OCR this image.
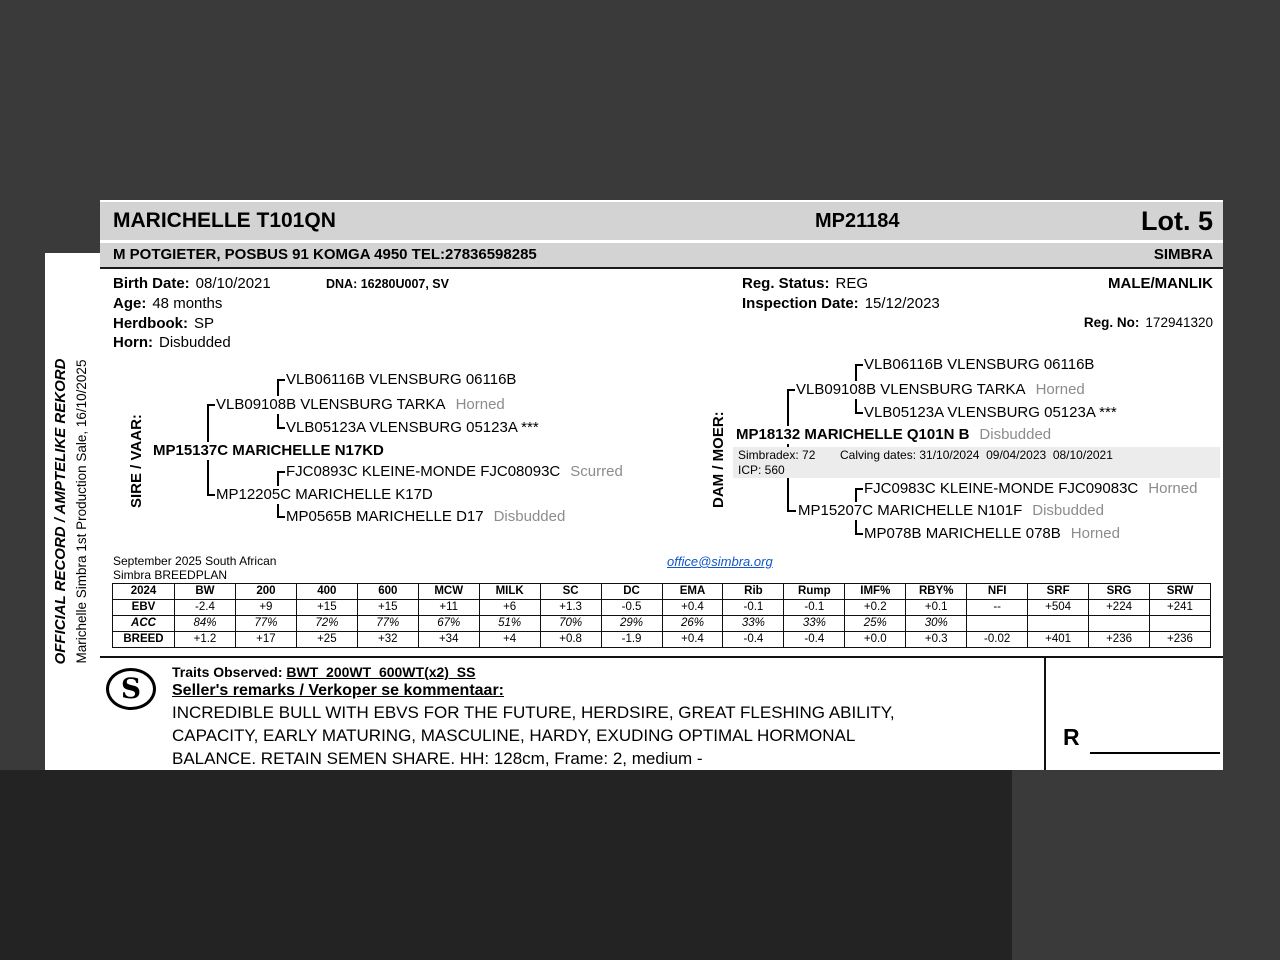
OFFICIAL RECORD / AMPTELIKE REKORD Marichelle Simbra 1st Production Sale, 16/10/2025
MARICHELLE T101QN	MP21184	Lot. 5
M POTGIETER, POSBUS 91 KOMGA 4950 TEL:27836598285	SIMBRA
Birth Date: 08/10/2021	DNA: 16280U007, SV	Reg. Status: REG	MALE/MANLIK
Age: 48 months	Inspection Date: 15/12/2023
Herdbook: SP	Reg. No: 172941320
Horn: Disbudded
SIRE / VAAR:
VLB06116B VLENSBURG 06116B
VLB09108B VLENSBURG TARKA Horned
VLB05123A VLENSBURG 05123A ***
MP15137C MARICHELLE N17KD
FJC0893C KLEINE-MONDE FJC08093C Scurred
MP12205C MARICHELLE K17D
MP0565B MARICHELLE D17 Disbudded
DAM / MOER:
VLB06116B VLENSBURG 06116B
VLB09108B VLENSBURG TARKA Horned
VLB05123A VLENSBURG 05123A ***
MP18132 MARICHELLE Q101N B Disbudded
Simbradex: 72 Calving dates: 31/10/2024  09/04/2023  08/10/2021
ICP: 560
FJC0983C KLEINE-MONDE FJC09083C Horned
MP15207C MARICHELLE N101F Disbudded
MP078B MARICHELLE 078B Horned
September 2025 South African
Simbra BREEDPLAN
office@simbra.org
2024	BW	200	400	600	MCW	MILK	SC	DC	EMA	Rib	Rump	IMF%	RBY%	NFI	SRF	SRG	SRW
EBV	-2.4	+9	+15	+15	+11	+6	+1.3	-0.5	+0.4	-0.1	-0.1	+0.2	+0.1	--	+504	+224	+241
ACC	84%	77%	72%	77%	67%	51%	70%	29%	26%	33%	33%	25%	30%				
BREED	+1.2	+17	+25	+32	+34	+4	+0.8	-1.9	+0.4	-0.4	-0.4	+0.0	+0.3	-0.02	+401	+236	+236
S	Traits Observed: BWT  200WT  600WT(x2)  SS
Seller's remarks / Verkoper se kommentaar:
INCREDIBLE BULL WITH EBVS FOR THE FUTURE, HERDSIRE, GREAT FLESHING ABILITY,
CAPACITY, EARLY MATURING, MASCULINE, HARDY, EXUDING OPTIMAL HORMONAL
BALANCE. RETAIN SEMEN SHARE. HH: 128cm, Frame: 2, medium -
R
